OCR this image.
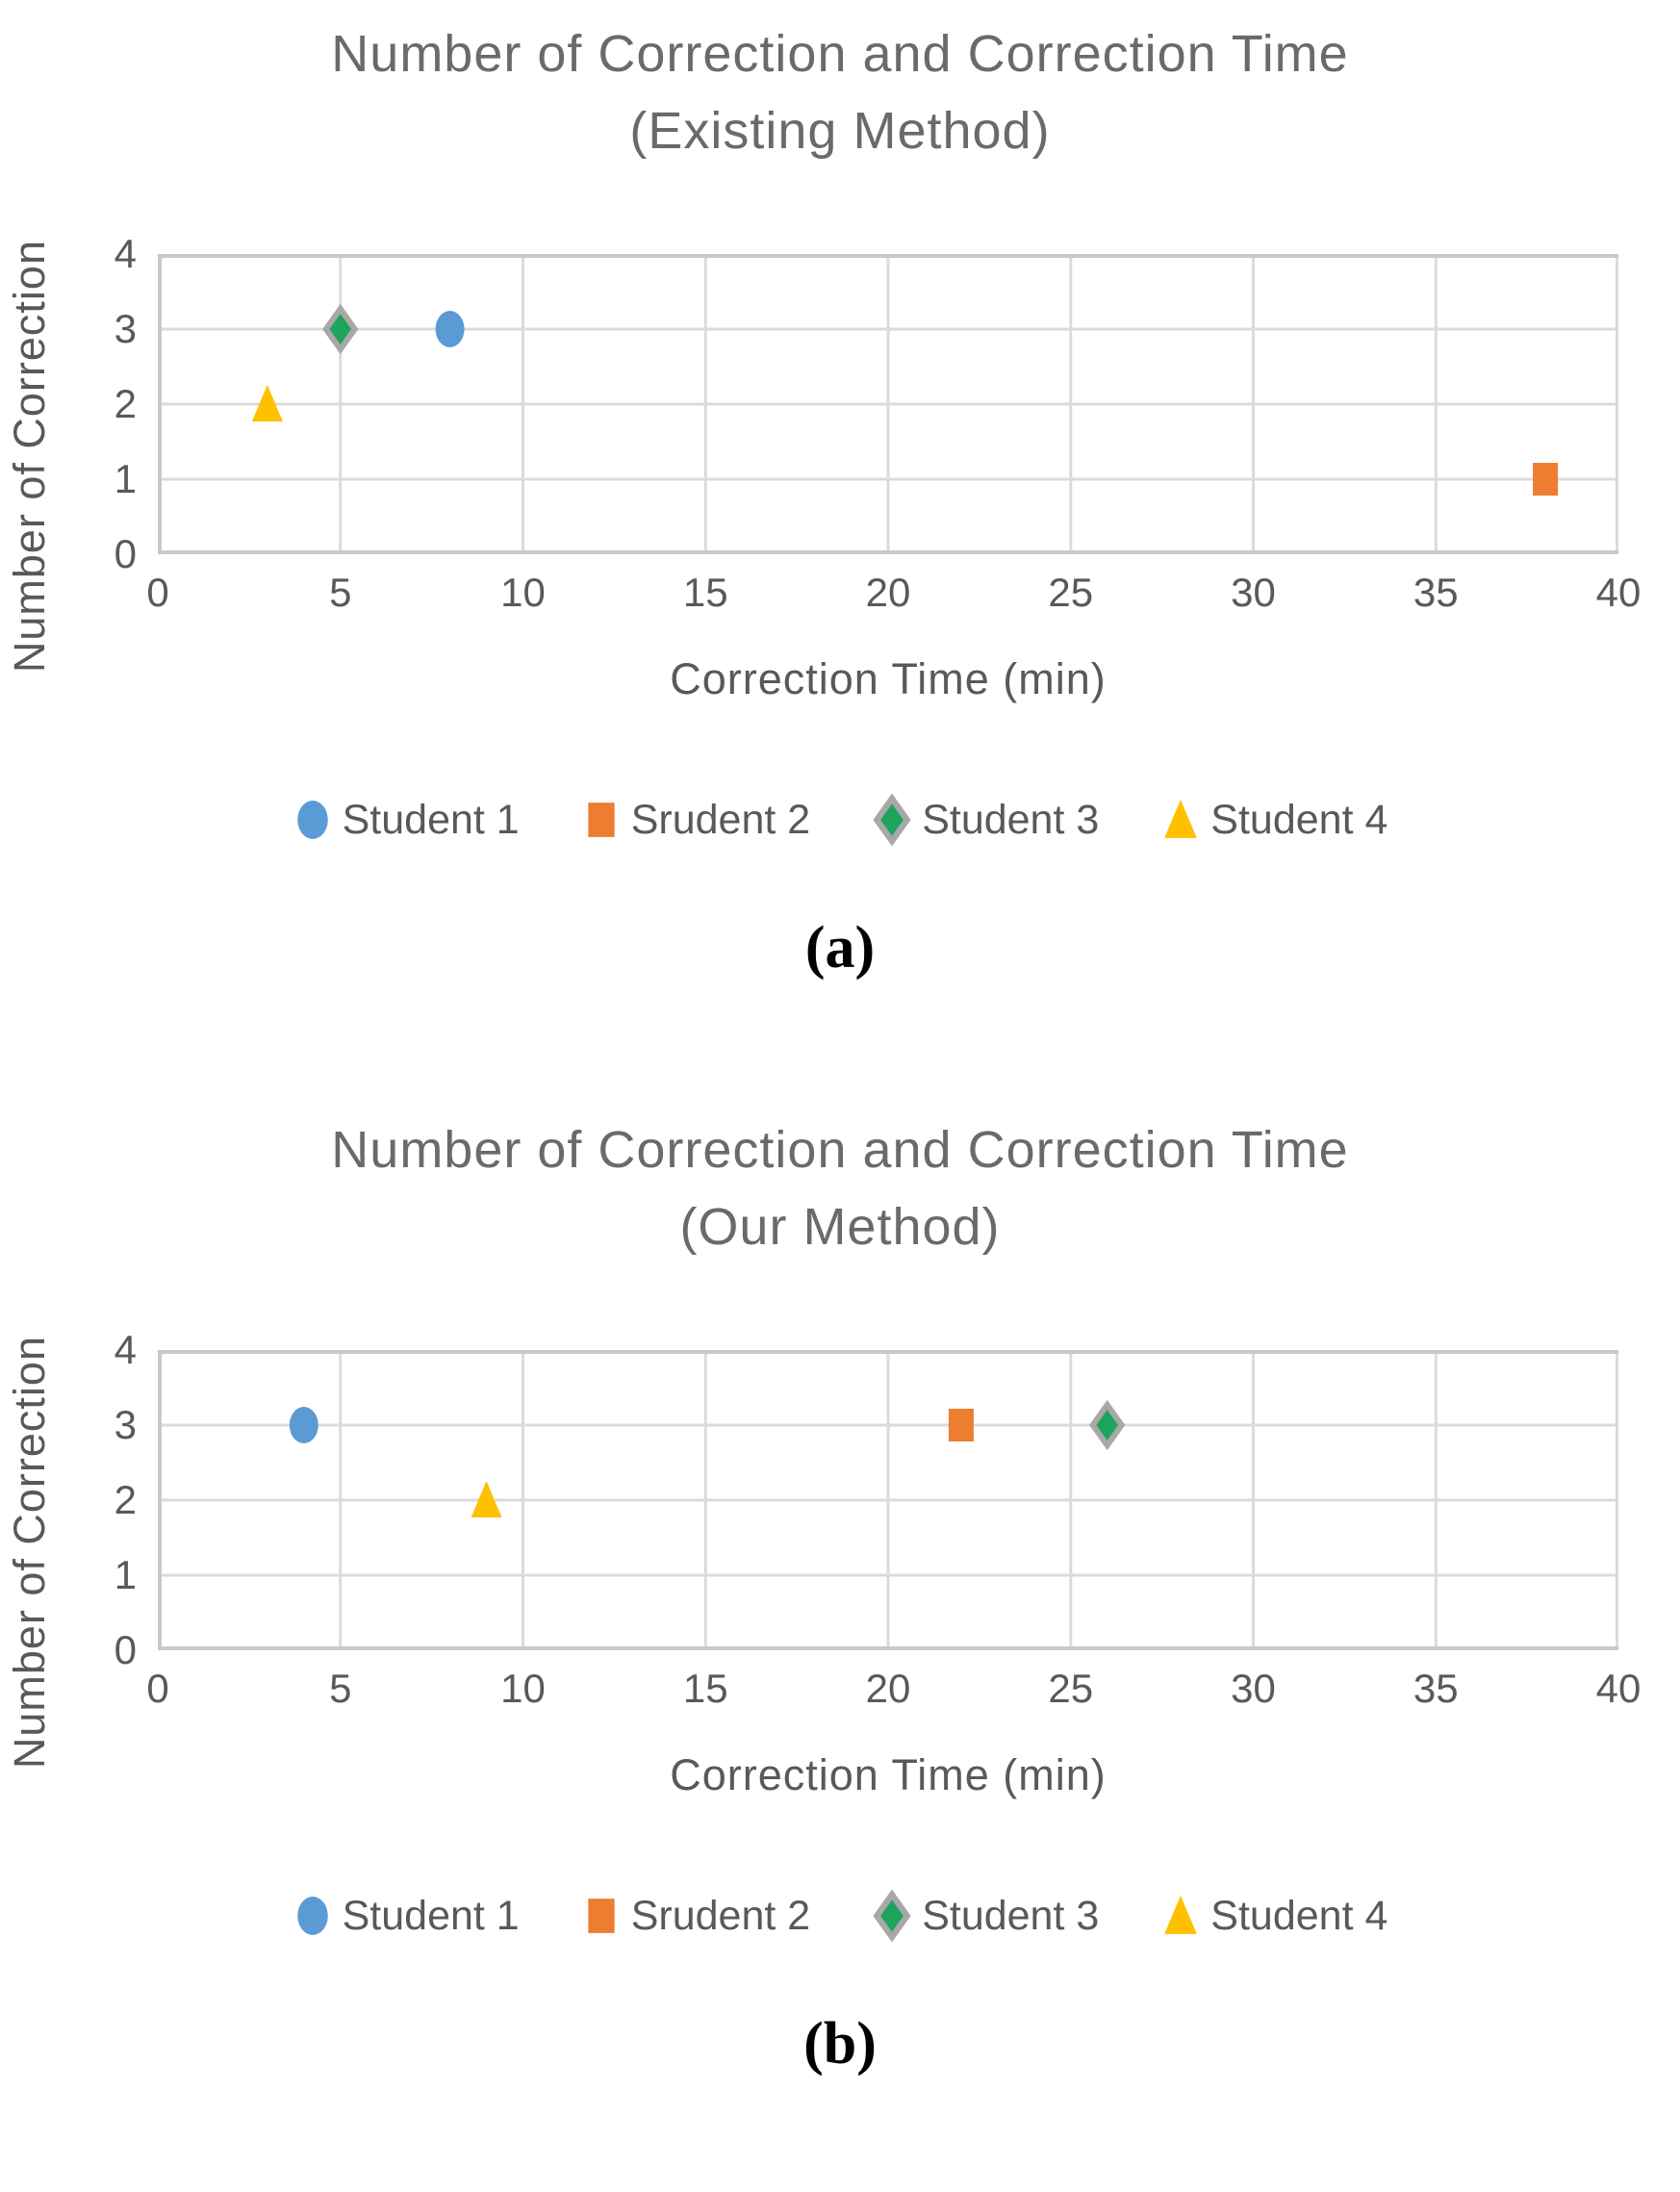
Number of Correction and Correction Time
(Existing Method)
Number of Correction	0
1
2
3
4
0	5	10	15	20	25	30	35	40
Correction Time (min)
Student 1	Srudent 2	Student 3	Student 4
(a)
Number of Correction and Correction Time
(Our Method)
Number of Correction	0
1
2
3
4
0	5	10	15	20	25	30	35	40
Correction Time (min)
Student 1	Srudent 2	Student 3	Student 4
(b)
